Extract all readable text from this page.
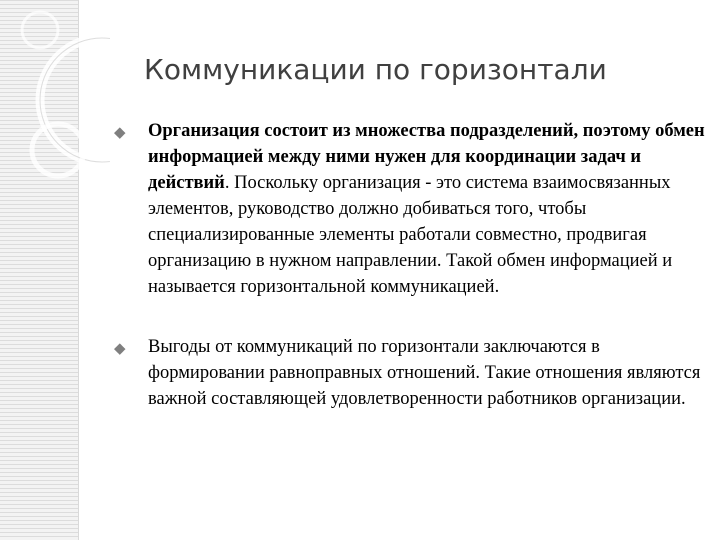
Коммуникации по горизонтали
◆ Организация состоит из множества подразделений, поэтому обмен информацией между ними нужен для координации задач и действий. Поскольку организация - это система взаимосвязанных элементов, руководство должно добиваться того, чтобы специализированные элементы работали совместно, продвигая организацию в нужном направлении. Такой обмен информацией и называется горизонтальной коммуникацией.
◆ Выгоды от коммуникаций по горизонтали заключаются в формировании равноправных отношений. Такие отношения являются важной составляющей удовлетворенности работников организации.
